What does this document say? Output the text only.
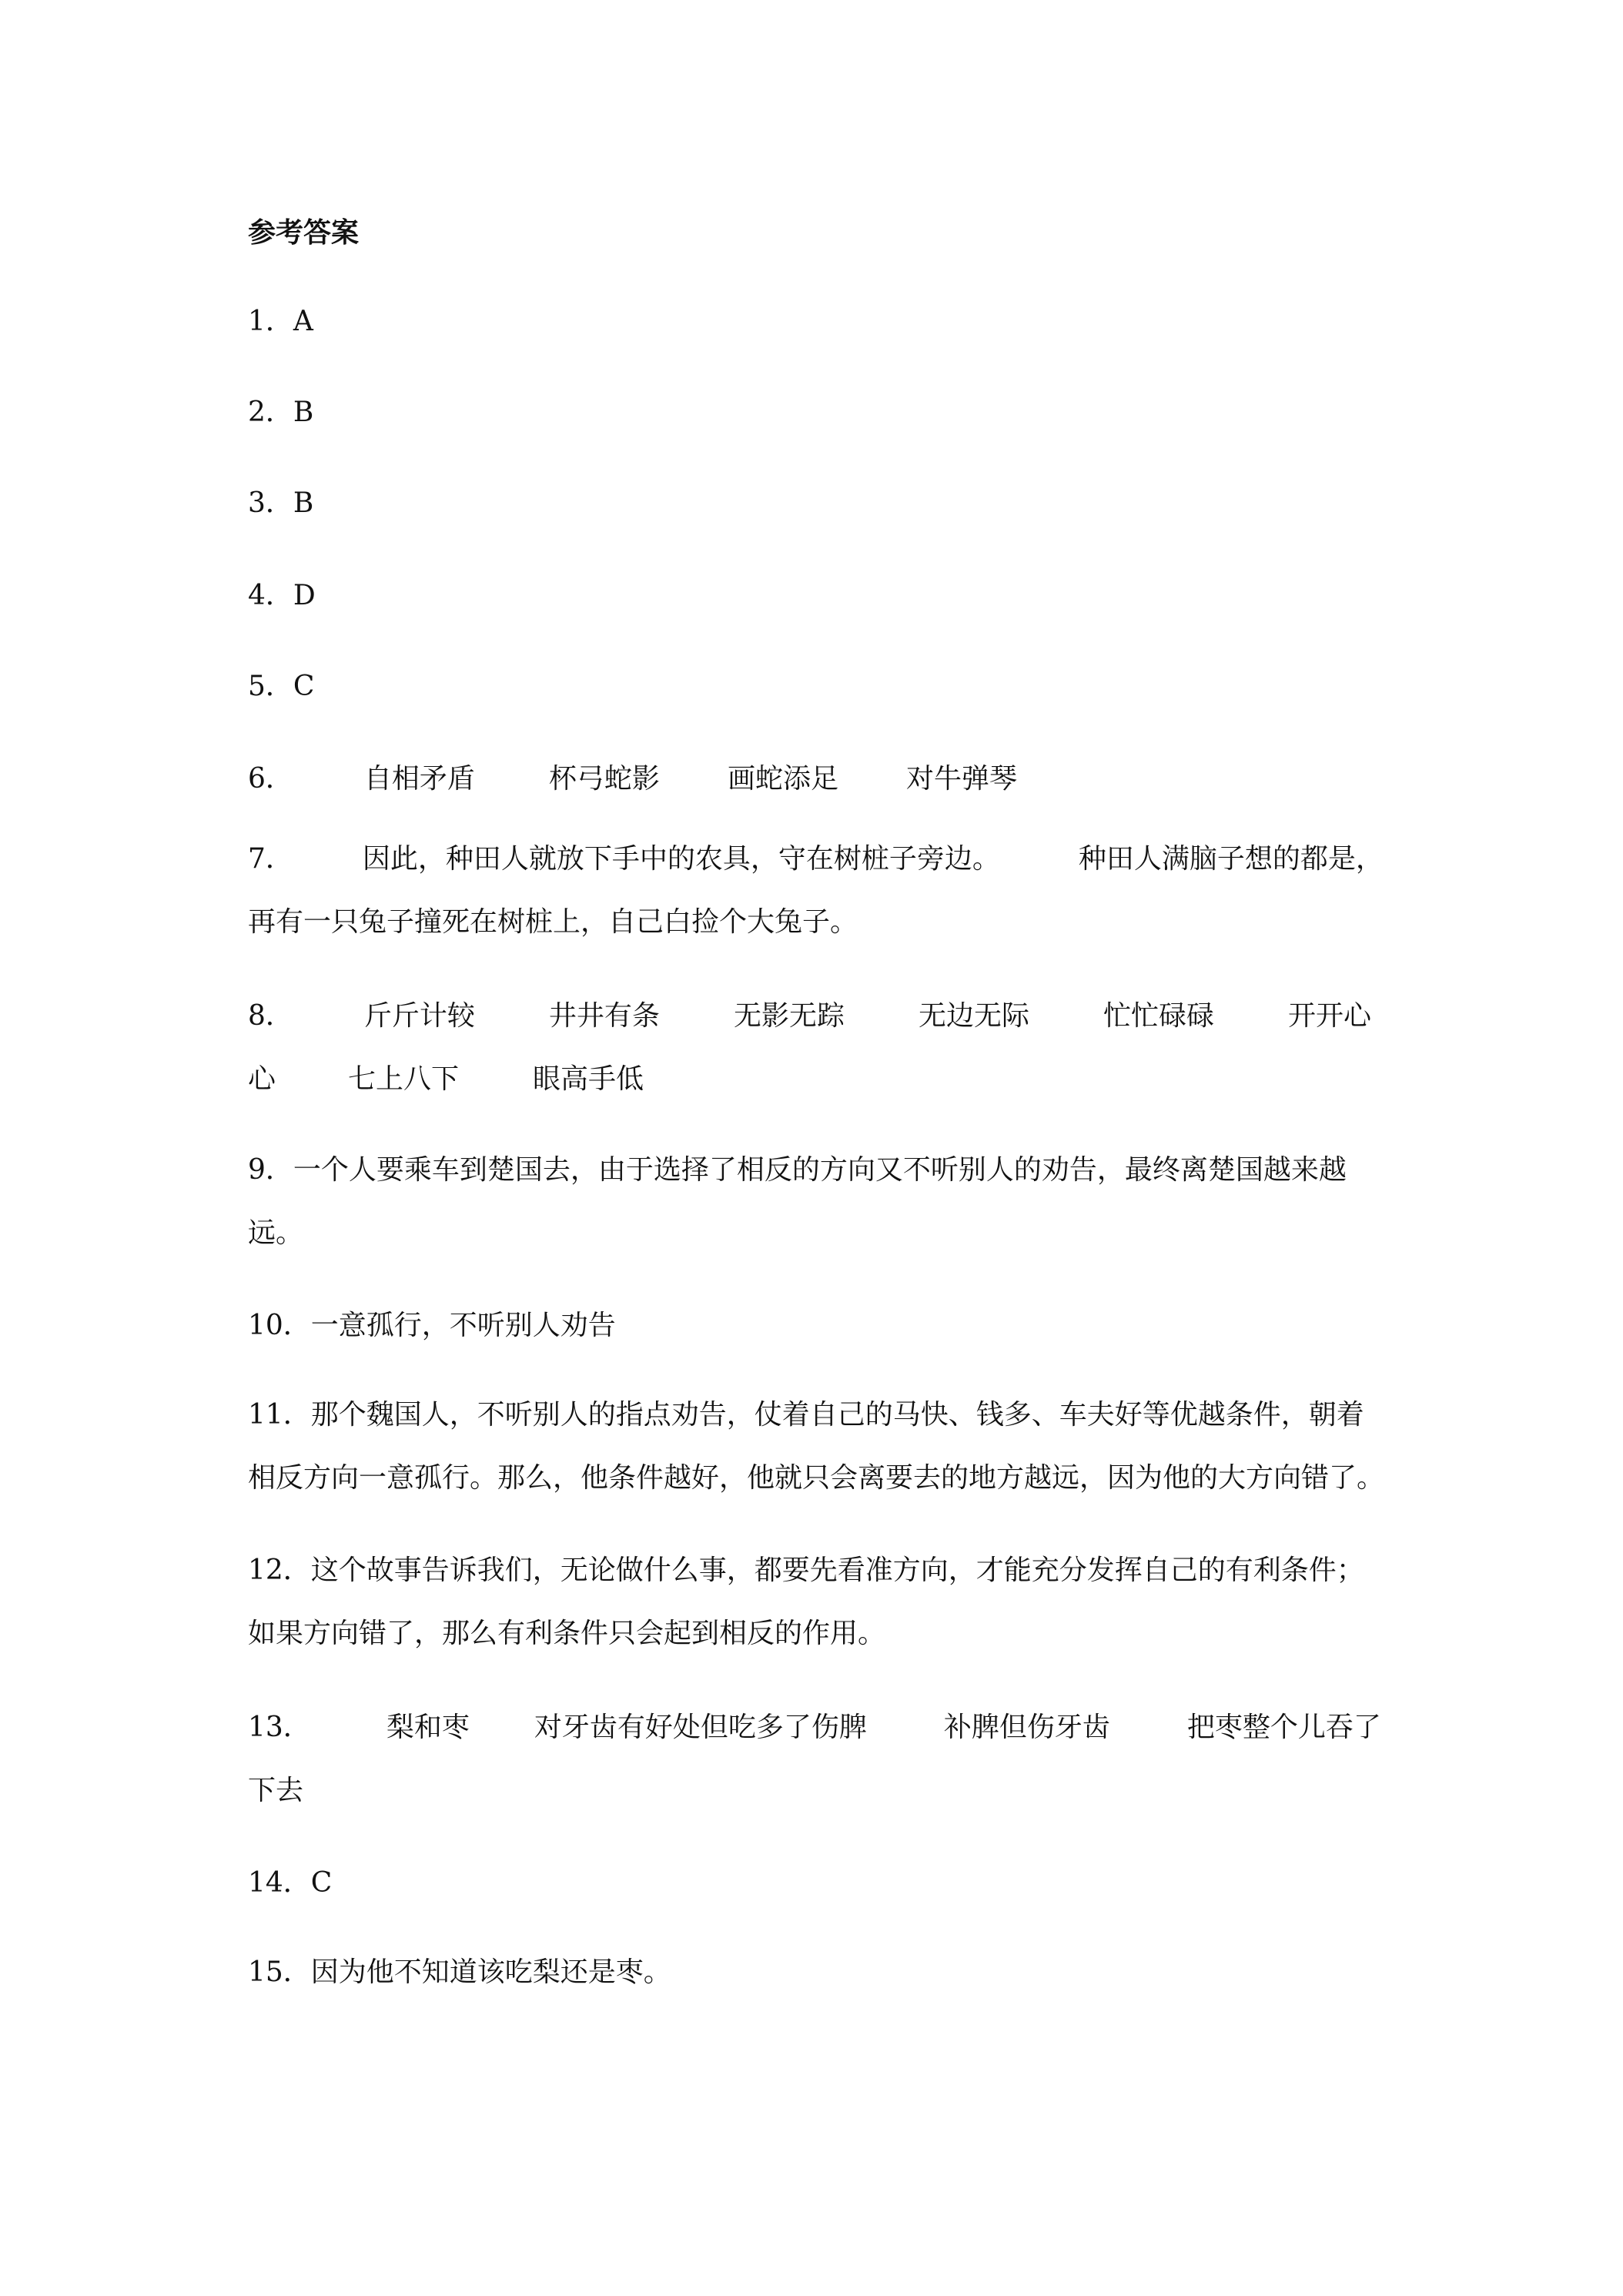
参考答案

1．A

2．B

3．B

4．D

5．C

6．	自相矛盾	杯弓蛇影 画蛇添足 对牛弹琴

7．	因此，种田人就放下手中的农具，守在树桩子旁边。	种田人满脑子想的都是，

再有一只兔子撞死在树桩上，自己白捡个大兔子。

8．	斤斤计较	井井有条	无影无踪	无边无际	忙忙碌碌	开开心

心	七上八下	眼高手低

9．一个人要乘车到楚国去，由于选择了相反的方向又不听别人的劝告，最终离楚国越来越

远。

10．一意孤行，不听别人劝告

11．那个魏国人，不听别人的指点劝告，仗着自己的马快、钱多、车夫好等优越条件，朝着

相反方向一意孤行。那么，他条件越好，他就只会离要去的地方越远，因为他的大方向错了。

12．这个故事告诉我们，无论做什么事，都要先看准方向，才能充分发挥自己的有利条件；

如果方向错了，那么有利条件只会起到相反的作用。

13．	梨和枣 对牙齿有好处但吃多了伤脾	补脾但伤牙齿	把枣整个儿吞了

下去

14．C

15．因为他不知道该吃梨还是枣。
